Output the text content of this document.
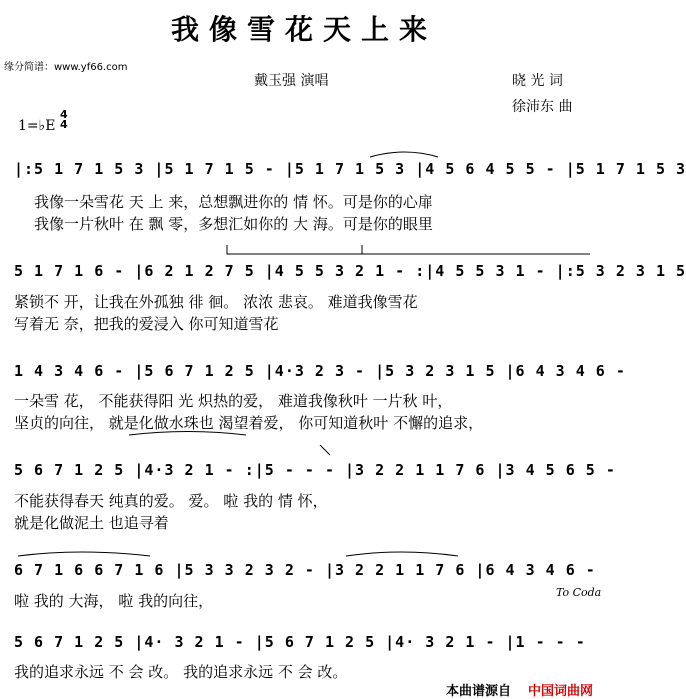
我像雪花天上来
缘分简谱：www.yf66.com
戴玉强 演唱	晓 光 词
徐沛东 曲
1=♭E
4
4
|:5 1 7 1 5 3 |5 1 7 1 5 - |5 1 7 1 5 3 |4 5 6 4 5 5 - |5 1 7 1 5 3
我像一朵雪花 天 上 来，总想飘进你的 情 怀。可是你的心扉
我像一片秋叶 在 飘 零，多想汇如你的 大 海。可是你的眼里
5 1 7 1 6 - |6 2 1 2 7 5 |4 5 5 3 2 1 - :|4 5 5 3 1 - |:5 3 2 3 1 5
紧锁不 开，让我在外孤独 徘 徊。 浓浓 悲哀。 难道我像雪花
写着无 奈，把我的爱浸入 你可知道雪花
1 4 3 4 6 - |5 6 7 1 2 5 |4·3 2 3 - |5 3 2 3 1 5 |6 4 3 4 6 -
一朵雪 花， 不能获得阳 光 炽热的爱， 难道我像秋叶 一片秋 叶，
坚贞的向往， 就是化做水珠也 渴望着爱， 你可知道秋叶 不懈的追求，
5 6 7 1 2 5 |4·3 2 1 - :|5 - - - |3 2 2 1 1 7 6 |3 4 5 6 5 -
不能获得春天 纯真的爱。 爱。 啦 我的 情 怀，
就是化做泥土 也追寻着
6 7 1 6 6 7 1 6 |5 3 3 2 3 2 - |3 2 2 1 1 7 6 |6 4 3 4 6 -
啦 我的 大海， 啦 我的向往，	To Coda
5 6 7 1 2 5 |4· 3 2 1 - |5 6 7 1 2 5 |4· 3 2 1 - |1 - - -
我的追求永远 不 会 改。 我的追求永远 不 会 改。
本曲谱源自 中国词曲网
